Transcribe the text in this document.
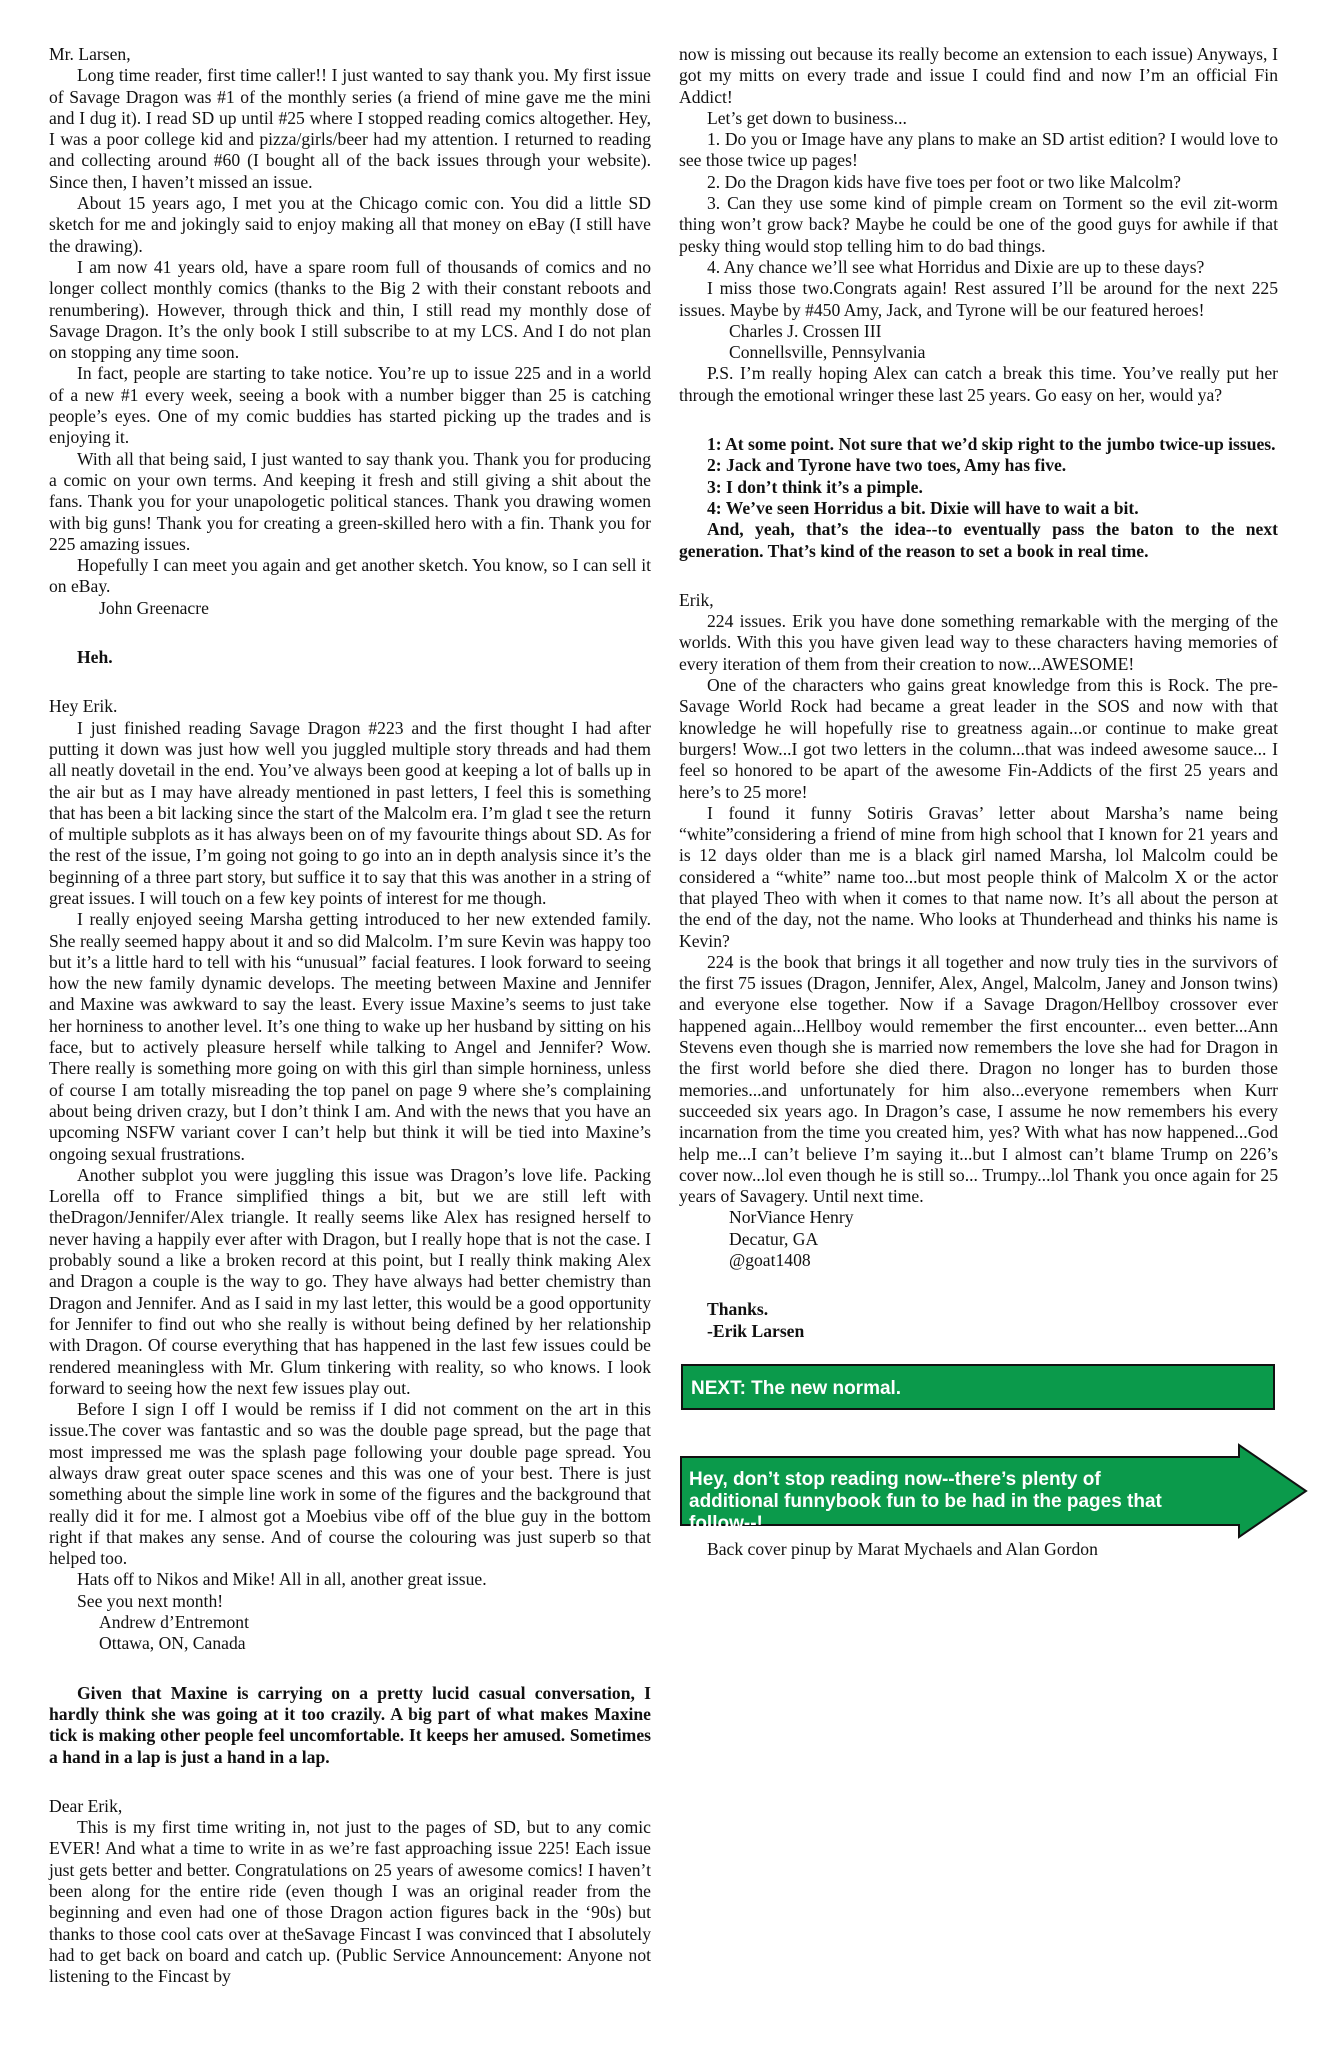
Mr. Larsen,

Long time reader, first time caller!! I just wanted to say thank you. My first issue of Savage Dragon was #1 of the monthly series (a friend of mine gave me the mini and I dug it). I read SD up until #25 where I stopped reading comics altogether. Hey, I was a poor college kid and pizza/girls/beer had my attention. I returned to reading and collecting around #60 (I bought all of the back issues through your website). Since then, I haven’t missed an issue.

About 15 years ago, I met you at the Chicago comic con. You did a little SD sketch for me and jokingly said to enjoy making all that money on eBay (I still have the drawing).

I am now 41 years old, have a spare room full of thousands of comics and no longer collect monthly comics (thanks to the Big 2 with their constant reboots and renumbering). However, through thick and thin, I still read my monthly dose of Savage Dragon. It’s the only book I still subscribe to at my LCS. And I do not plan on stopping any time soon.

In fact, people are starting to take notice. You’re up to issue 225 and in a world of a new #1 every week, seeing a book with a number bigger than 25 is catching people’s eyes. One of my comic buddies has started picking up the trades and is enjoying it.

With all that being said, I just wanted to say thank you. Thank you for producing a comic on your own terms. And keeping it fresh and still giving a shit about the fans. Thank you for your unapologetic political stances. Thank you drawing women with big guns! Thank you for creating a green-skilled hero with a fin. Thank you for 225 amazing issues.

Hopefully I can meet you again and get another sketch. You know, so I can sell it on eBay.

John Greenacre

Heh.

Hey Erik.

I just finished reading Savage Dragon #223 and the first thought I had after putting it down was just how well you juggled multiple story threads and had them all neatly dovetail in the end. You’ve always been good at keeping a lot of balls up in the air but as I may have already mentioned in past letters, I feel this is something that has been a bit lacking since the start of the Malcolm era. I’m glad t see the return of multiple subplots as it has always been on of my favourite things about SD. As for the rest of the issue, I’m going not going to go into an in depth analysis since it’s the beginning of a three part story, but suffice it to say that this was another in a string of great issues. I will touch on a few key points of interest for me though.

I really enjoyed seeing Marsha getting introduced to her new extended family. She really seemed happy about it and so did Malcolm. I’m sure Kevin was happy too but it’s a little hard to tell with his “unusual” facial features. I look forward to seeing how the new family dynamic develops. The meeting between Maxine and Jennifer and Maxine was awkward to say the least. Every issue Maxine’s seems to just take her horniness to another level. It’s one thing to wake up her husband by sitting on his face, but to actively pleasure herself while talking to Angel and Jennifer? Wow. There really is something more going on with this girl than simple horniness, unless of course I am totally misreading the top panel on page 9 where she’s complaining about being driven crazy, but I don’t think I am. And with the news that you have an upcoming NSFW variant cover I can’t help but think it will be tied into Maxine’s ongoing sexual frustrations.

Another subplot you were juggling this issue was Dragon’s love life. Packing Lorella off to France simplified things a bit, but we are still left with theDragon/Jennifer/Alex triangle. It really seems like Alex has resigned herself to never having a happily ever after with Dragon, but I really hope that is not the case. I probably sound a like a broken record at this point, but I really think making Alex and Dragon a couple is the way to go. They have always had better chemistry than Dragon and Jennifer. And as I said in my last letter, this would be a good opportunity for Jennifer to find out who she really is without being defined by her relationship with Dragon. Of course everything that has happened in the last few issues could be rendered meaningless with Mr. Glum tinkering with reality, so who knows. I look forward to seeing how the next few issues play out.

Before I sign I off I would be remiss if I did not comment on the art in this issue.The cover was fantastic and so was the double page spread, but the page that most impressed me was the splash page following your double page spread. You always draw great outer space scenes and this was one of your best. There is just something about the simple line work in some of the figures and the background that really did it for me. I almost got a Moebius vibe off of the blue guy in the bottom right if that makes any sense. And of course the colouring was just superb so that helped too.

Hats off to Nikos and Mike! All in all, another great issue.

See you next month!

Andrew d’Entremont

Ottawa, ON, Canada

Given that Maxine is carrying on a pretty lucid casual conversation, I hardly think she was going at it too crazily. A big part of what makes Maxine tick is making other people feel uncomfortable. It keeps her amused. Sometimes a hand in a lap is just a hand in a lap.

Dear Erik,

This is my first time writing in, not just to the pages of SD, but to any comic EVER! And what a time to write in as we’re fast approaching issue 225! Each issue just gets better and better. Congratulations on 25 years of awesome comics! I haven’t been along for the entire ride (even though I was an original reader from the beginning and even had one of those Dragon action figures back in the ‘90s) but thanks to those cool cats over at theSavage Fincast I was convinced that I absolutely had to get back on board and catch up. (Public Service Announcement: Anyone not listening to the Fincast by

now is missing out because its really become an extension to each issue) Anyways, I got my mitts on every trade and issue I could find and now I’m an official Fin Addict!

Let’s get down to business...

1. Do you or Image have any plans to make an SD artist edition? I would love to see those twice up pages!

2. Do the Dragon kids have five toes per foot or two like Malcolm?

3. Can they use some kind of pimple cream on Torment so the evil zit-worm thing won’t grow back? Maybe he could be one of the good guys for awhile if that pesky thing would stop telling him to do bad things.

4. Any chance we’ll see what Horridus and Dixie are up to these days?

I miss those two.Congrats again! Rest assured I’ll be around for the next 225 issues. Maybe by #450 Amy, Jack, and Tyrone will be our featured heroes!

Charles J. Crossen III

Connellsville, Pennsylvania

P.S. I’m really hoping Alex can catch a break this time. You’ve really put her through the emotional wringer these last 25 years. Go easy on her, would ya?

1: At some point. Not sure that we’d skip right to the jumbo twice-up issues.

2: Jack and Tyrone have two toes, Amy has five.

3: I don’t think it’s a pimple.

4: We’ve seen Horridus a bit. Dixie will have to wait a bit.

And, yeah, that’s the idea--to eventually pass the baton to the next generation. That’s kind of the reason to set a book in real time.

Erik,

224 issues. Erik you have done something remarkable with the merging of the worlds. With this you have given lead way to these characters having memories of every iteration of them from their creation to now...AWESOME!

One of the characters who gains great knowledge from this is Rock. The pre-Savage World Rock had became a great leader in the SOS and now with that knowledge he will hopefully rise to greatness again...or continue to make great burgers! Wow...I got two letters in the column...that was indeed awesome sauce... I feel so honored to be apart of the awesome Fin-Addicts of the first 25 years and here’s to 25 more!

I found it funny Sotiris Gravas’ letter about Marsha’s name being “white”considering a friend of mine from high school that I known for 21 years and is 12 days older than me is a black girl named Marsha, lol Malcolm could be considered a “white” name too...but most people think of Malcolm X or the actor that played Theo with when it comes to that name now. It’s all about the person at the end of the day, not the name. Who looks at Thunderhead and thinks his name is Kevin?

224 is the book that brings it all together and now truly ties in the survivors of the first 75 issues (Dragon, Jennifer, Alex, Angel, Malcolm, Janey and Jonson twins) and everyone else together. Now if a Savage Dragon/Hellboy crossover ever happened again...Hellboy would remember the first encounter... even better...Ann Stevens even though she is married now remembers the love she had for Dragon in the first world before she died there. Dragon no longer has to burden those memories...and unfortunately for him also...everyone remembers when Kurr succeeded six years ago. In Dragon’s case, I assume he now remembers his every incarnation from the time you created him, yes? With what has now happened...God help me...I can’t believe I’m saying it...but I almost can’t blame Trump on 226’s cover now...lol even though he is still so... Trumpy...lol Thank you once again for 25 years of Savagery. Until next time.

NorViance Henry

Decatur, GA

@goat1408

Thanks.

-Erik Larsen

NEXT: The new normal.
Hey, don’t stop reading now--there’s plenty of additional funnybook fun to be had in the pages that follow--!

Back cover pinup by Marat Mychaels and Alan Gordon
